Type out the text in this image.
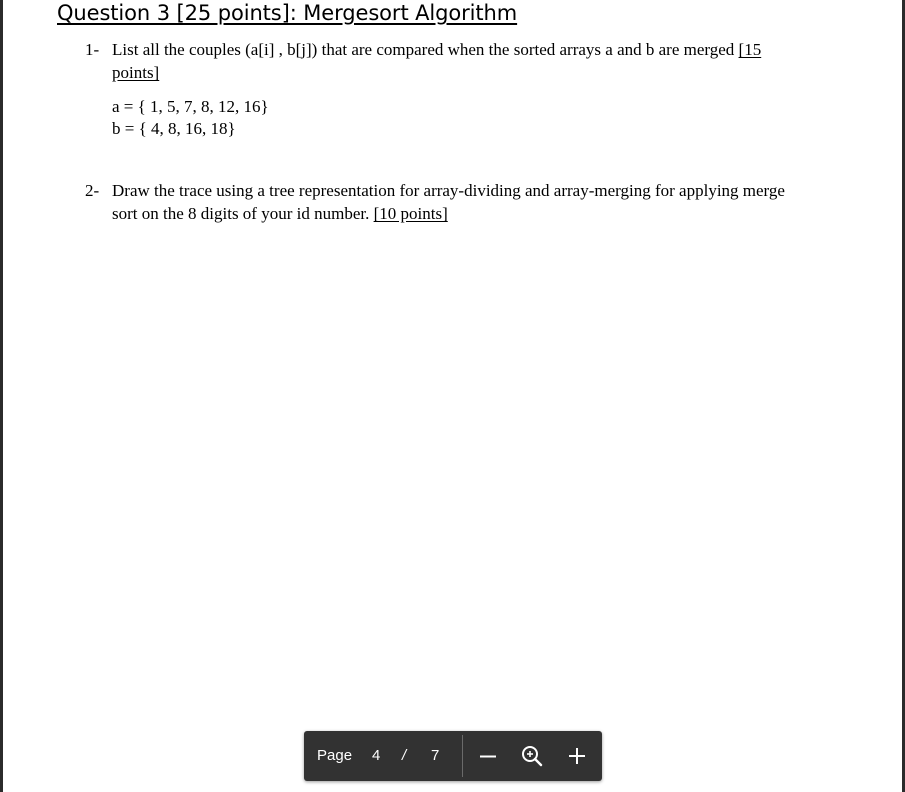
Question 3 [25 points]: Mergesort Algorithm
1- List all the couples (a[i] , b[j]) that are compared when the sorted arrays a and b are merged [15
points]
a = { 1, 5, 7, 8, 12, 16}
b = { 4, 8, 16, 18}
2- Draw the trace using a tree representation for array-dividing and array-merging for applying merge
sort on the 8 digits of your id number. [10 points]
Page 4 / 7
